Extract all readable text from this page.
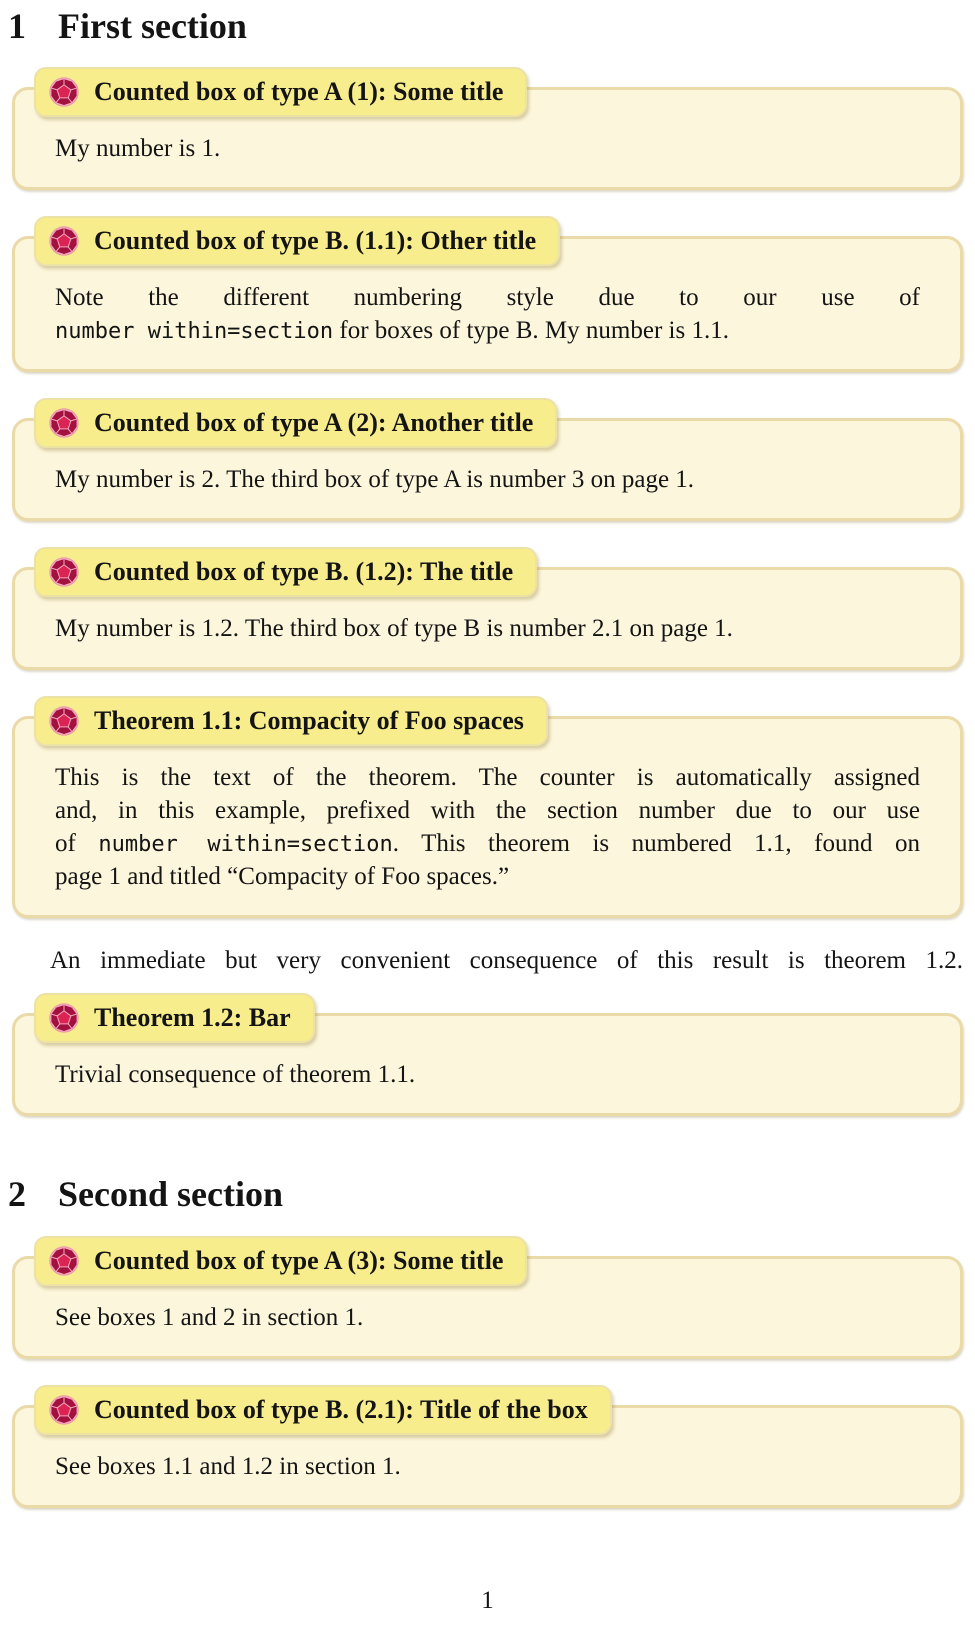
1 First section
Counted box of type A (1): Some title
My number is 1.
Counted box of type B. (1.1): Other title
Note the different numbering style due to our use of
number within=section for boxes of type B. My number is 1.1.
Counted box of type A (2): Another title
My number is 2. The third box of type A is number 3 on page 1.
Counted box of type B. (1.2): The title
My number is 1.2. The third box of type B is number 2.1 on page 1.
Theorem 1.1: Compacity of Foo spaces
This is the text of the theorem. The counter is automatically assigned
and, in this example, prefixed with the section number due to our use
of number within=section. This theorem is numbered 1.1, found on
page 1 and titled “Compacity of Foo spaces.”
An immediate but very convenient consequence of this result is theorem 1.2.
Theorem 1.2: Bar
Trivial consequence of theorem 1.1.
2 Second section
Counted box of type A (3): Some title
See boxes 1 and 2 in section 1.
Counted box of type B. (2.1): Title of the box
See boxes 1.1 and 1.2 in section 1.
1
